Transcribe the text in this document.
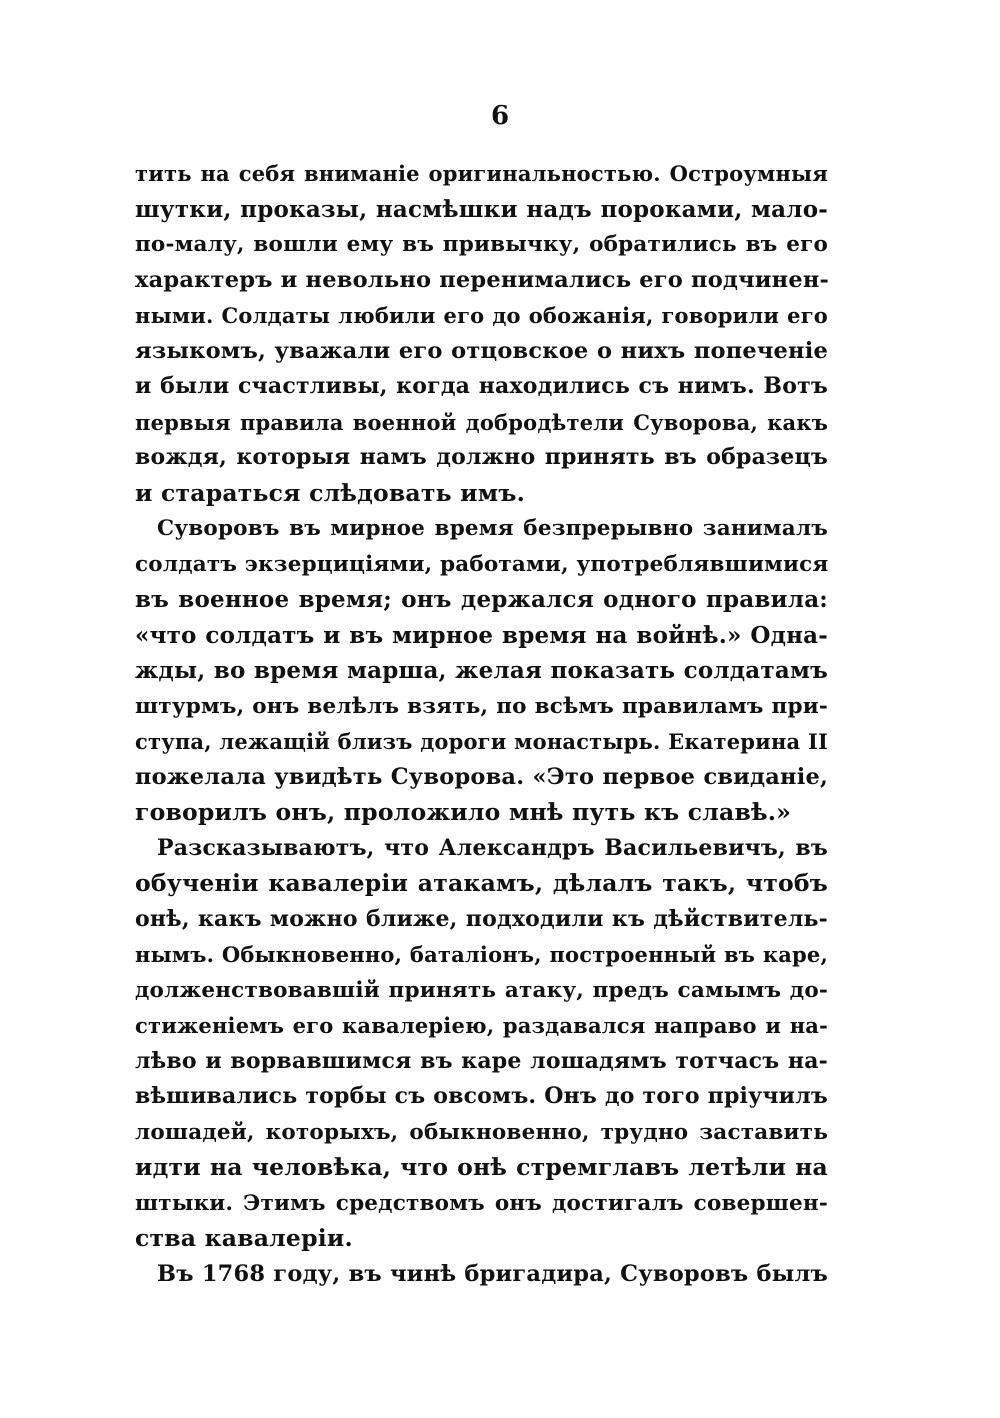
6
тить на себя вниманіе оригинальностью. Остроумныя
шутки, проказы, насмѣшки надъ пороками, мало-
по-малу, вошли ему въ привычку, обратились въ его
характеръ и невольно перенимались его подчинен-
ными. Солдаты любили его до обожанія, говорили его
языкомъ, уважали его отцовское о нихъ попеченіе
и были счастливы, когда находились съ нимъ. Вотъ
первыя правила военной добродѣтели Суворова, какъ
вождя, которыя намъ должно принять въ образецъ
и стараться слѣдовать имъ.
Суворовъ въ мирное время безпрерывно занималъ
солдатъ экзерциціями, работами, употреблявшимися
въ военное время; онъ держался одного правила:
«что солдатъ и въ мирное время на войнѣ.» Одна-
жды, во время марша, желая показать солдатамъ
штурмъ, онъ велѣлъ взять, по всѣмъ правиламъ при-
ступа, лежащій близъ дороги монастырь. Екатерина II
пожелала увидѣть Суворова. «Это первое свиданіе,
говорилъ онъ, проложило мнѣ путь къ славѣ.»
Разсказываютъ, что Александръ Васильевичъ, въ
обученіи кавалеріи атакамъ, дѣлалъ такъ, чтобъ
онѣ, какъ можно ближе, подходили къ дѣйствитель-
нымъ. Обыкновенно, баталіонъ, построенный въ каре,
долженствовавшій принять атаку, предъ самымъ до-
стиженіемъ его кавалеріею, раздавался направо и на-
лѣво и ворвавшимся въ каре лошадямъ тотчасъ на-
вѣшивались торбы съ овсомъ. Онъ до того пріучилъ
лошадей, которыхъ, обыкновенно, трудно заставить
идти на человѣка, что онѣ стремглавъ летѣли на
штыки. Этимъ средствомъ онъ достигалъ совершен-
ства кавалеріи.
Въ 1768 году, въ чинѣ бригадира, Суворовъ былъ
